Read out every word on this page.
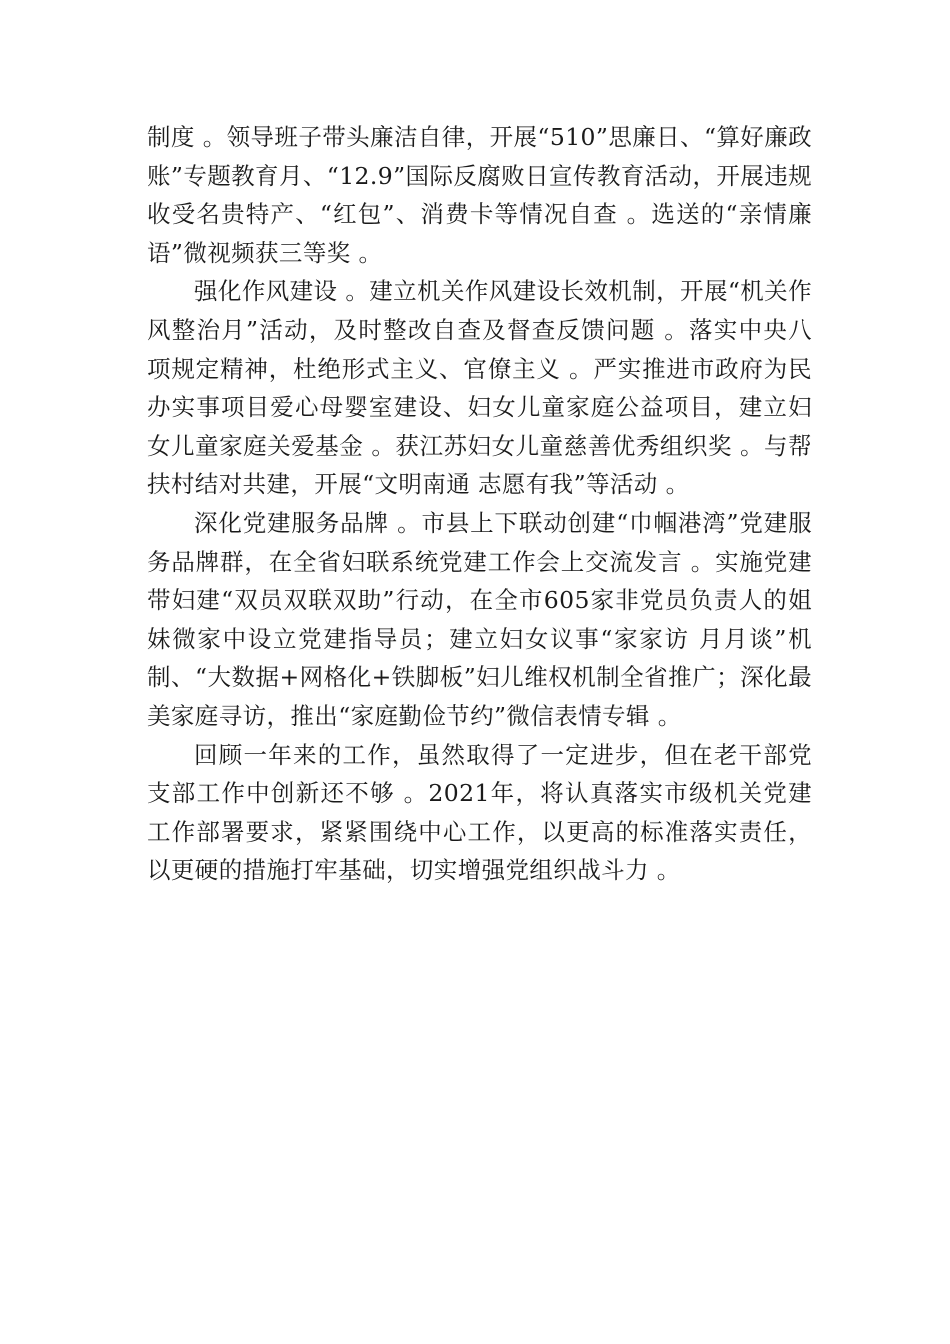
制度 。领导班子带头廉洁自律，开展“510”思廉日、“算好廉政账”专题教育月、“12.9”国际反腐败日宣传教育活动，开展违规收受名贵特产、“红包”、消费卡等情况自查 。选送的“亲情廉语”微视频获三等奖 。

强化作风建设 。建立机关作风建设长效机制，开展“机关作风整治月”活动，及时整改自查及督查反馈问题 。落实中央八项规定精神，杜绝形式主义、官僚主义 。严实推进市政府为民办实事项目爱心母婴室建设、妇女儿童家庭公益项目，建立妇女儿童家庭关爱基金 。获江苏妇女儿童慈善优秀组织奖 。与帮扶村结对共建，开展“文明南通 志愿有我”等活动 。

深化党建服务品牌 。市县上下联动创建“巾帼港湾”党建服务品牌群，在全省妇联系统党建工作会上交流发言 。实施党建带妇建“双员双联双助”行动，在全市605家非党员负责人的姐妹微家中设立党建指导员；建立妇女议事“家家访 月月谈”机制、“大数据+网格化+铁脚板”妇儿维权机制全省推广；深化最美家庭寻访，推出“家庭勤俭节约”微信表情专辑 。

回顾一年来的工作，虽然取得了一定进步，但在老干部党支部工作中创新还不够 。2021年，将认真落实市级机关党建工作部署要求，紧紧围绕中心工作，以更高的标准落实责任，以更硬的措施打牢基础，切实增强党组织战斗力 。
